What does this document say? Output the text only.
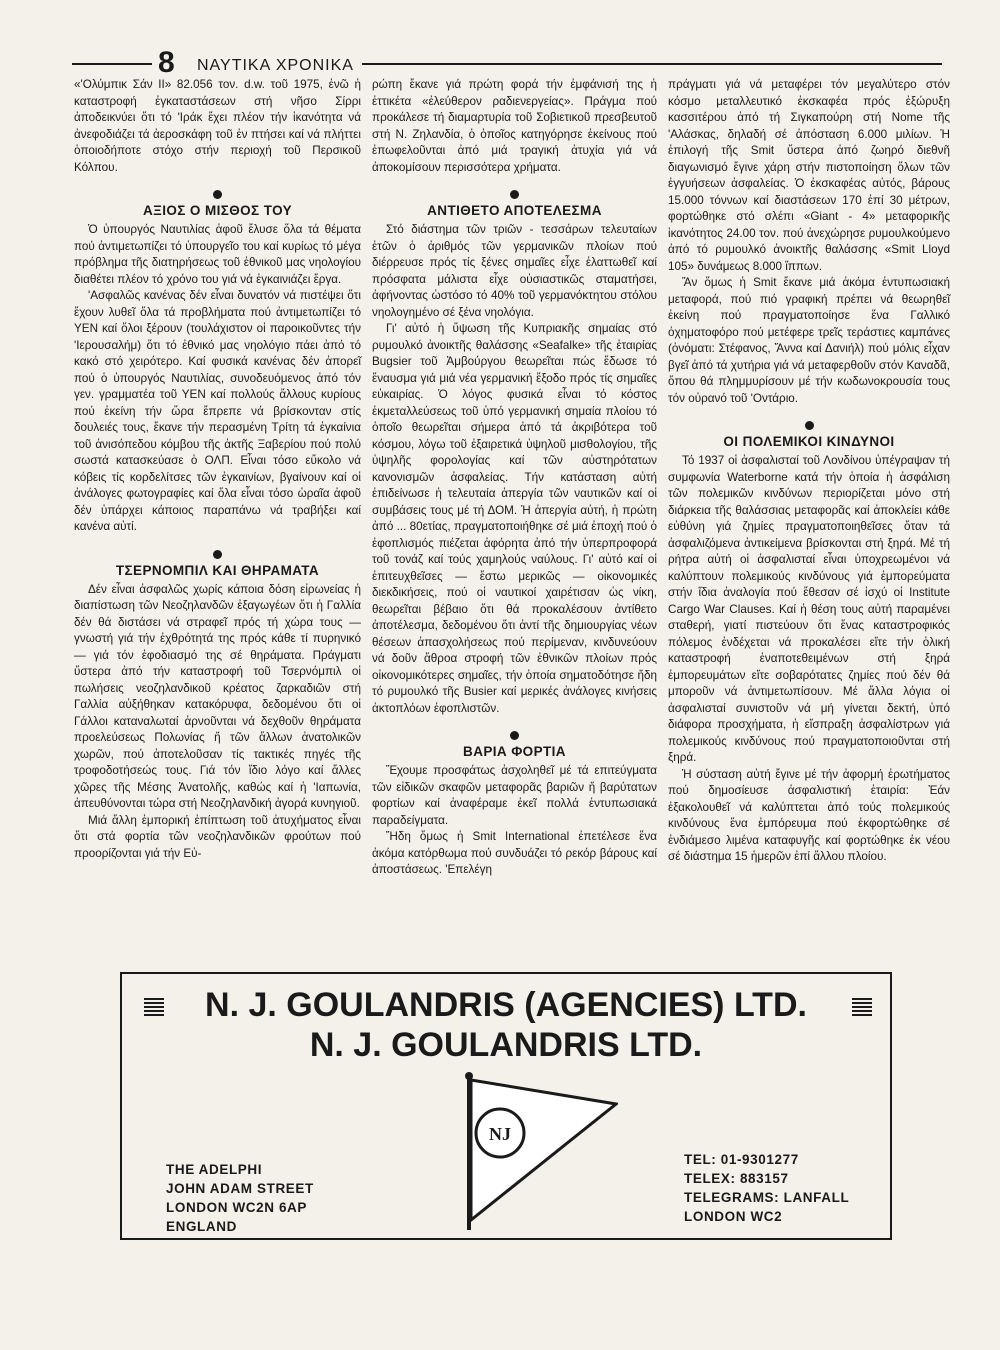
8 ΝΑΥΤΙΚΑ ΧΡΟΝΙΚΑ

«'Ολύμπικ Σάν ΙΙ» 82.056 τον. d.w. τοῦ 1975, ἐνῶ ἡ καταστροφή ἐγκαταστάσεων στή νῆσο Σίρρι ἀποδεικνύει ὅτι τό 'Ιράκ ἔχει πλέον τήν ἱκανότητα νά ἀνεφοδιάζει τά ἀεροσκάφη τοῦ ἐν πτήσει καί νά πλήττει ὁποιοδήποτε στόχο στήν περιοχή τοῦ Περσικοῦ Κόλπου.

ΑΞΙΟΣ Ο ΜΙΣΘΟΣ ΤΟΥ

Ὁ ὑπουργός Ναυτιλίας ἀφοῦ ἔλυσε ὅλα τά θέματα πού ἀντιμετωπίζει τό ὑπουργεῖο του καί κυρίως τό μέγα πρόβλημα τῆς διατηρήσεως τοῦ ἐθνικοῦ μας νηολογίου διαθέτει πλέον τό χρόνο του γιά νά ἐγκαινιάζει ἔργα.

'Ασφαλῶς κανένας δέν εἶναι δυνατόν νά πιστέψει ὅτι ἔχουν λυθεῖ ὅλα τά προβλήματα πού ἀντιμετωπίζει τό ΥΕΝ καί ὅλοι ξέρουν (τουλάχιστον οἱ παροικοῦντες τήν 'Ιερουσαλήμ) ὅτι τό ἐθνικό μας νηολόγιο πάει ἀπό τό κακό στό χειρότερο. Καί φυσικά κανένας δέν ἀπορεῖ πού ὁ ὑπουργός Ναυτιλίας, συνοδευόμενος ἀπό τόν γεν. γραμματέα τοῦ ΥΕΝ καί πολλούς ἄλλους κυρίους πού ἐκείνη τήν ὥρα ἔπρεπε νά βρίσκονταν στίς δουλειές τους, ἔκανε τήν περασμένη Τρίτη τά ἐγκαίνια τοῦ ἀνισόπεδου κόμβου τῆς ἀκτῆς Ξαβερίου πού πολύ σωστά κατασκεύασε ὁ ΟΛΠ. Εἶναι τόσο εὔκολο νά κόβεις τίς κορδελίτσες τῶν ἐγκαινίων, βγαίνουν καί οἱ ἀνάλογες φωτογραφίες καί ὅλα εἶναι τόσο ὡραῖα ἀφοῦ δέν ὑπάρχει κάποιος παραπάνω νά τραβήξει καί κανένα αὐτί.

ΤΣΕΡΝΟΜΠΙΛ ΚΑΙ ΘΗΡΑΜΑΤΑ

Δέν εἶναι ἀσφαλῶς χωρίς κάποια δόση εἰρωνείας ἡ διαπίστωση τῶν Νεοζηλανδῶν ἐξαγωγέων ὅτι ἡ Γαλλία δέν θά διστάσει νά στραφεῖ πρός τή χώρα τους — γνωστή γιά τήν ἐχθρότητά της πρός κάθε τί πυρηνικό — γιά τόν ἐφοδιασμό της σέ θηράματα. Πράγματι ὕστερα ἀπό τήν καταστροφή τοῦ Τσερνόμπιλ οἱ πωλήσεις νεοζηλανδικοῦ κρέατος ζαρκαδιῶν στή Γαλλία αὐξήθηκαν κατακόρυφα, δεδομένου ὅτι οἱ Γάλλοι καταναλωταί ἀρνοῦνται νά δεχθοῦν θηράματα προελεύσεως Πολωνίας ἤ τῶν ἄλλων ἀνατολικῶν χωρῶν, πού ἀποτελοῦσαν τίς τακτικές πηγές τῆς τροφοδοτήσεώς τους. Γιά τόν ἴδιο λόγο καί ἄλλες χῶρες τῆς Μέσης Ἀνατολῆς, καθώς καί ἡ 'Ιαπωνία, ἀπευθύνονται τώρα στή Νεοζηλανδική ἀγορά κυνηγιοῦ.

Μιά ἄλλη ἐμπορική ἐπίπτωση τοῦ ἀτυχήματος εἶναι ὅτι στά φορτία τῶν νεοζηλανδικῶν φρούτων πού προορίζονται γιά τήν Εὐ-

ρώπη ἔκανε γιά πρώτη φορά τήν ἐμφάνισή της ἡ ἐττικέτα «ἐλεύθερον ραδιενεργείας». Πράγμα πού προκάλεσε τή διαμαρτυρία τοῦ Σοβιετικοῦ πρεσβευτοῦ στή Ν. Ζηλανδία, ὁ ὁποῖος κατηγόρησε ἐκείνους πού ἐπωφελοῦνται ἀπό μιά τραγική ἀτυχία γιά νά ἀποκομίσουν περισσότερα χρήματα.

ΑΝΤΙΘΕΤΟ ΑΠΟΤΕΛΕΣΜΑ

Στό διάστημα τῶν τριῶν - τεσσάρων τελευταίων ἐτῶν ὁ ἀριθμός τῶν γερμανικῶν πλοίων πού διέρρευσε πρός τίς ξένες σημαῖες εἶχε ἐλαττωθεῖ καί πρόσφατα μάλιστα εἶχε οὐσιαστικῶς σταματήσει, ἀφήνοντας ὡστόσο τό 40% τοῦ γερμανόκτητου στόλου νηολογημένο σέ ξένα νηολόγια.

Γι' αὐτό ἡ ὕψωση τῆς Κυπριακῆς σημαίας στό ρυμουλκό ἀνοικτῆς θαλάσσης «Seafalke» τῆς ἑταιρίας Bugsier τοῦ Ἀμβούργου θεωρεῖται πώς ἔδωσε τό ἔναυσμα γιά μιά νέα γερμανική ἔξοδο πρός τίς σημαῖες εὐκαιρίας. Ὁ λόγος φυσικά εἶναι τό κόστος ἐκμεταλλεύσεως τοῦ ὑπό γερμανική σημαία πλοίου τό ὁποῖο θεωρεῖται σήμερα ἀπό τά ἀκριβότερα τοῦ κόσμου, λόγω τοῦ ἐξαιρετικά ὑψηλοῦ μισθολογίου, τῆς ὑψηλῆς φορολογίας καί τῶν αὐστηρότατων κανονισμῶν ἀσφαλείας. Τήν κατάσταση αὐτή ἐπιδείνωσε ἡ τελευταία ἀπεργία τῶν ναυτικῶν καί οἱ συμβάσεις τους μέ τή ΔΟΜ. Ἡ ἀπεργία αὐτή, ἡ πρώτη ἀπό ... 80ετίας, πραγματοποιήθηκε σέ μιά ἐποχή πού ὁ ἐφοπλισμός πιέζεται ἀφόρητα ἀπό τήν ὑπερπροφορά τοῦ τονάζ καί τούς χαμηλούς ναύλους. Γι' αὐτό καί οἱ ἐπιτευχθεῖσες — ἔστω μερικῶς — οἰκονομικές διεκδικήσεις, πού οἱ ναυτικοί χαιρέτισαν ὡς νίκη, θεωρεῖται βέβαιο ὅτι θά προκαλέσουν ἀντίθετο ἀποτέλεσμα, δεδομένου ὅτι ἀντί τῆς δημιουργίας νέων θέσεων ἀπασχολήσεως πού περίμεναν, κινδυνεύουν νά δοῦν ἄθροα στροφή τῶν ἐθνικῶν πλοίων πρός οἰκονομικότερες σημαῖες, τήν ὁποία σηματοδότησε ἤδη τό ρυμουλκό τῆς Busier καί μερικές ἀνάλογες κινήσεις ἀκτοπλόων ἐφοπλιστῶν.

ΒΑΡΙΑ ΦΟΡΤΙΑ

Ἔχουμε προσφάτως ἀσχοληθεῖ μέ τά επιτεύγματα τῶν εἰδικῶν σκαφῶν μεταφορᾶς βαριῶν ἤ βαρύτατων φορτίων καί ἀναφέραμε ἐκεῖ πολλά ἐντυπωσιακά παραδείγματα.

Ἤδη ὅμως ἡ Smit International ἐπετέλεσε ἕνα ἀκόμα κατόρθωμα πού συνδυάζει τό ρεκόρ βάρους καί ἀποστάσεως. 'Επελέγη

πράγματι γιά νά μεταφέρει τόν μεγαλύτερο στόν κόσμο μεταλλευτικό ἐκσκαφέα πρός ἐξώρυξη κασσιτέρου ἀπό τή Σιγκαπούρη στή Nome τῆς 'Αλάσκας, δηλαδή σέ ἀπόσταση 6.000 μιλίων. Ἡ ἐπιλογή τῆς Smit ὕστερα ἀπό ζωηρό διεθνῆ διαγωνισμό ἔγινε χάρη στήν πιστοποίηση ὅλων τῶν ἐγγυήσεων ἀσφαλείας. Ὁ ἐκσκαφέας αὐτός, βάρους 15.000 τόννων καί διαστάσεων 170 ἐπί 30 μέτρων, φορτώθηκε στό σλέπι «Giant - 4» μεταφορικῆς ἱκανότητος 24.00 τον. πού ἀνεχώρησε ρυμουλκούμενο ἀπό τό ρυμουλκό ἀνοικτῆς θαλάσσης «Smit Lloyd 105» δυνάμεως 8.000 ἵππων.

Ἄν ὅμως ἡ Smit ἔκανε μιά ἀκόμα ἐντυπωσιακή μεταφορά, πού πιό γραφική πρέπει νά θεωρηθεῖ ἐκείνη πού πραγματοποίησε ἕνα Γαλλικό ὀχηματοφόρο πού μετέφερε τρεῖς τεράστιες καμπάνες (ὀνόματι: Στέφανος, Ἄννα καί Δανιήλ) πού μόλις εἶχαν βγεῖ ἀπό τά χυτήρια γιά νά μεταφερθοῦν στόν Καναδᾶ, ὅπου θά πλημμυρίσουν μέ τήν κωδωνοκρουσία τους τόν οὐρανό τοῦ 'Οντάριο.

ΟΙ ΠΟΛΕΜΙΚΟΙ ΚΙΝΔΥΝΟΙ

Τό 1937 οἱ ἀσφαλισταί τοῦ Λονδίνου ὑπέγραψαν τή συμφωνία Waterborne κατά τήν ὁποία ἡ ἀσφάλιση τῶν πολεμικῶν κινδύνων περιορίζεται μόνο στή διάρκεια τῆς θαλάσσιας μεταφορᾶς καί ἀποκλείει κάθε εὐθύνη γιά ζημίες πραγματοποιηθεῖσες ὅταν τά ἀσφαλιζόμενα ἀντικείμενα βρίσκονται στή ξηρά. Μέ τή ρήτρα αὐτή οἱ ἀσφαλισταί εἶναι ὑποχρεωμένοι νά καλύπτουν πολεμικούς κινδύνους γιά ἐμπορεύματα στήν ἴδια ἀναλογία πού ἔθεσαν σέ ἰσχύ οἱ Institute Cargo War Clauses. Καί ἡ θέση τους αὐτή παραμένει σταθερή, γιατί πιστεύουν ὅτι ἕνας καταστροφικός πόλεμος ἐνδέχεται νά προκαλέσει εἴτε τήν ὁλική καταστροφή ἐναποτεθειμένων στή ξηρά ἐμπορευμάτων εἴτε σοβαρότατες ζημίες πού δέν θά μποροῦν νά ἀντιμετωπίσουν. Μέ ἄλλα λόγια οἱ ἀσφαλισταί συνιστοῦν νά μή γίνεται δεκτή, ὑπό διάφορα προσχήματα, ἡ εἴσπραξη ἀσφαλίστρων γιά πολεμικούς κινδύνους πού πραγματοποιοῦνται στή ξηρά.

Ἡ σύσταση αὐτή ἔγινε μέ τήν ἀφορμή ἐρωτήματος πού δημοσίευσε ἀσφαλιστική ἑταιρία: Ἐάν ἐξακολουθεῖ νά καλύπτεται ἀπό τούς πολεμικούς κινδύνους ἕνα ἐμπόρευμα πού ἐκφορτώθηκε σέ ἐνδιάμεσο λιμένα καταφυγῆς καί φορτώθηκε ἐκ νέου σέ διάστημα 15 ἡμερῶν ἐπί ἄλλου πλοίου.

N. J. GOULANDRIS (AGENCIES) LTD.
N. J. GOULANDRIS LTD.
NJ
THE ADELPHI
JOHN ADAM STREET
LONDON WC2N 6AP
ENGLAND
TEL: 01-9301277
TELEX: 883157
TELEGRAMS: LANFALL
LONDON WC2
